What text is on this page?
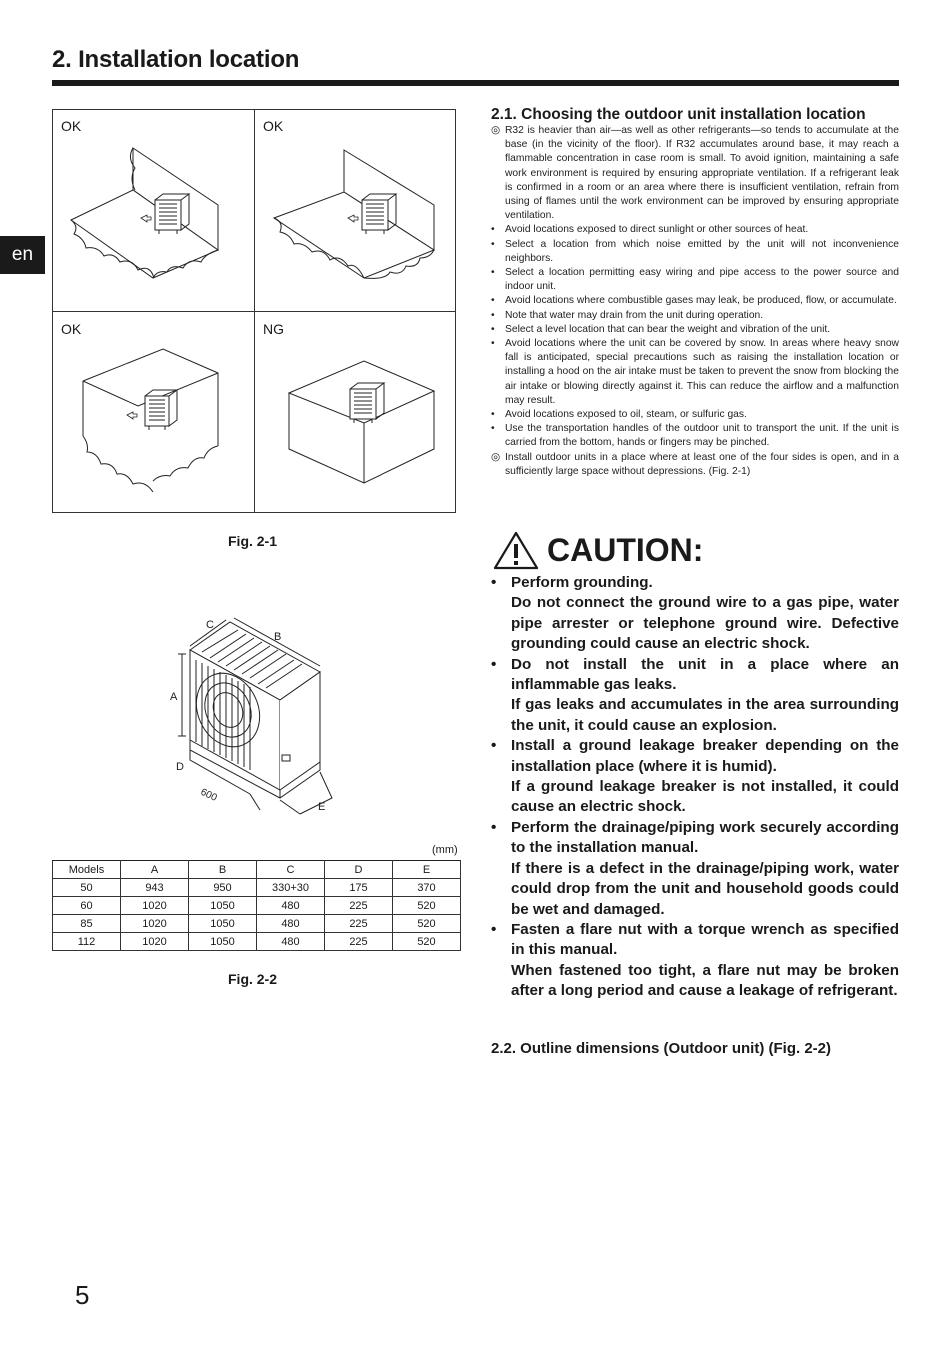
2. Installation location
en
OK	OK
OK	NG
Fig. 2-1
A
C
B
D
600
E
(mm)
Models	A	B	C	D	E
50	943	950	330+30	175	370
60	1020	1050	480	225	520
85	1020	1050	480	225	520
112	1020	1050	480	225	520
Fig. 2-2
2.1. Choosing the outdoor unit installation location
◎ R32 is heavier than air—as well as other refrigerants—so tends to accumulate at the base (in the vicinity of the floor). If R32 accumulates around base, it may reach a flammable concentration in case room is small. To avoid ignition, maintaining a safe work environment is required by ensuring appropriate ventilation. If a refrigerant leak is confirmed in a room or an area where there is insufficient ventilation, refrain from using of flames until the work environment can be improved by ensuring appropriate ventilation.
• Avoid locations exposed to direct sunlight or other sources of heat.
• Select a location from which noise emitted by the unit will not inconvenience neighbors.
• Select a location permitting easy wiring and pipe access to the power source and indoor unit.
• Avoid locations where combustible gases may leak, be produced, flow, or accumulate.
• Note that water may drain from the unit during operation.
• Select a level location that can bear the weight and vibration of the unit.
• Avoid locations where the unit can be covered by snow. In areas where heavy snow fall is anticipated, special precautions such as raising the installation location or installing a hood on the air intake must be taken to prevent the snow from blocking the air intake or blowing directly against it. This can reduce the airflow and a malfunction may result.
• Avoid locations exposed to oil, steam, or sulfuric gas.
• Use the transportation handles of the outdoor unit to transport the unit. If the unit is carried from the bottom, hands or fingers may be pinched.
◎ Install outdoor units in a place where at least one of the four sides is open, and in a sufficiently large space without depressions. (Fig. 2-1)
CAUTION:
• Perform grounding.
Do not connect the ground wire to a gas pipe, water pipe arrester or telephone ground wire. Defective grounding could cause an electric shock.
• Do not install the unit in a place where an inflammable gas leaks.
If gas leaks and accumulates in the area surrounding the unit, it could cause an explosion.
• Install a ground leakage breaker depending on the installation place (where it is humid).
If a ground leakage breaker is not installed, it could cause an electric shock.
• Perform the drainage/piping work securely according to the installation manual.
If there is a defect in the drainage/piping work, water could drop from the unit and household goods could be wet and damaged.
• Fasten a flare nut with a torque wrench as specified in this manual.
When fastened too tight, a flare nut may be broken after a long period and cause a leakage of refrigerant.
2.2. Outline dimensions (Outdoor unit) (Fig. 2-2)
5
